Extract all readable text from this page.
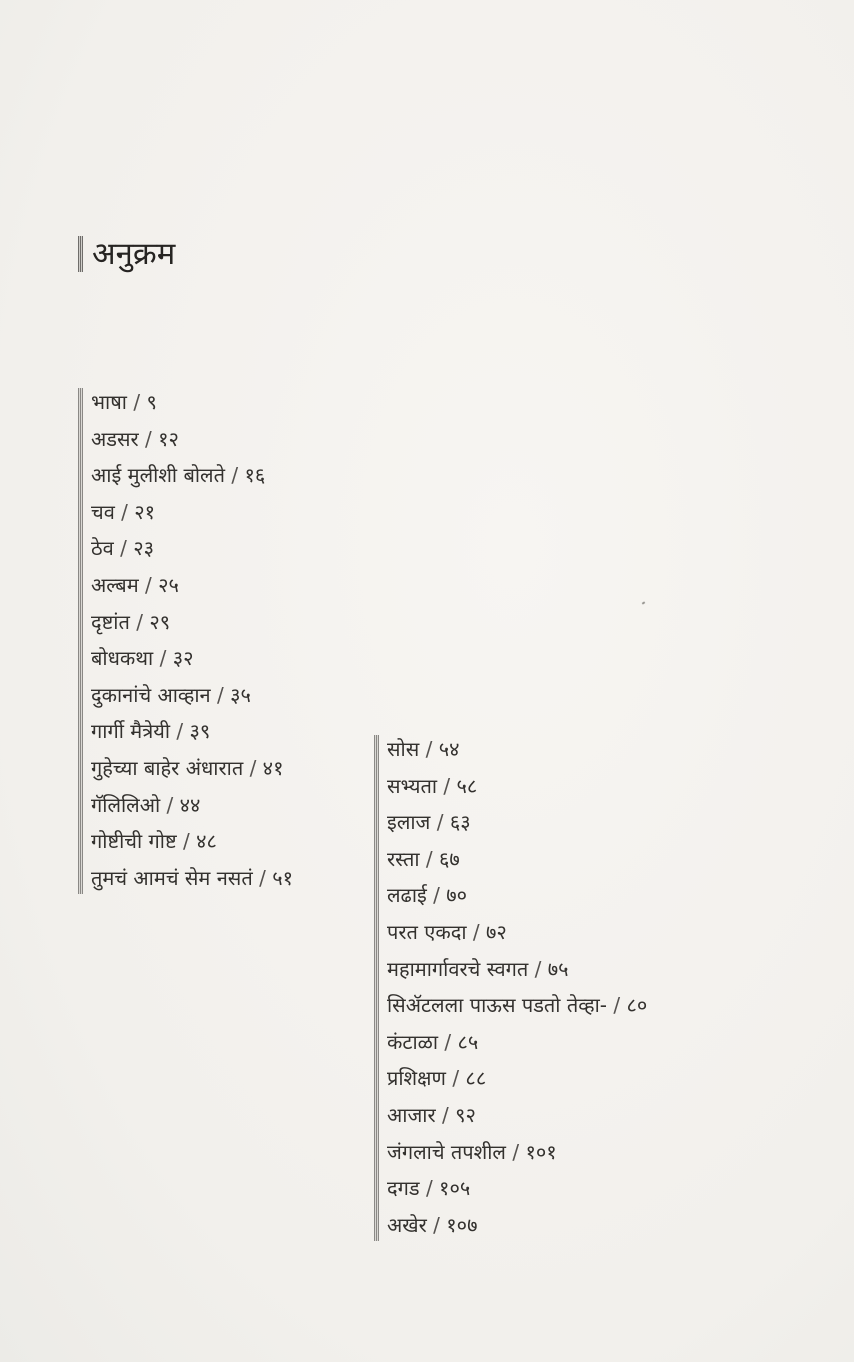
अनुक्रम
भाषा / ९
अडसर / १२
आई मुलीशी बोलते / १६
चव / २१
ठेव / २३
अल्बम / २५
दृष्टांत / २९
बोधकथा / ३२
दुकानांचे आव्हान / ३५
गार्गी मैत्रेयी / ३९
गुहेच्या बाहेर अंधारात / ४१
गॅलिलिओ / ४४
गोष्टीची गोष्ट / ४८
तुमचं आमचं सेम नसतं / ५१
सोस / ५४
सभ्यता / ५८
इलाज / ६३
रस्ता / ६७
लढाई / ७०
परत एकदा / ७२
महामार्गावरचे स्वगत / ७५
सिॲटलला पाऊस पडतो तेव्हा- / ८०
कंटाळा / ८५
प्रशिक्षण / ८८
आजार / ९२
जंगलाचे तपशील / १०१
दगड / १०५
अखेर / १०७
